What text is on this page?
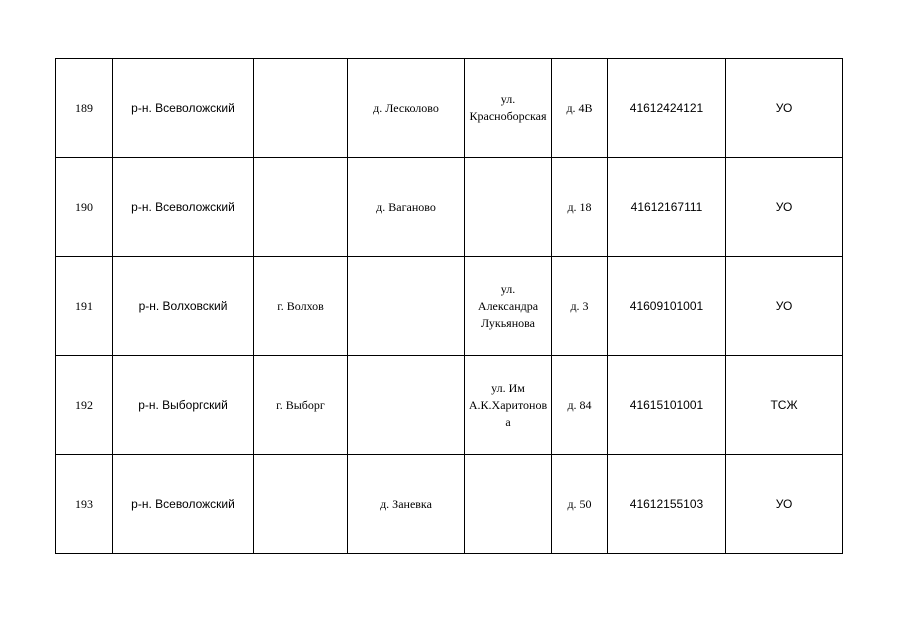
189	р-н. Всеволожский		д. Лесколово	ул.
Красноборская	д. 4В	41612424121	УО
190	р-н. Всеволожский		д. Ваганово		д. 18	41612167111	УО
191	р-н. Волховский	г. Волхов		ул.
Александра
Лукьянова	д. 3	41609101001	УО
192	р-н. Выборгский	г. Выборг		ул. Им
А.К.Харитонова	д. 84	41615101001	ТСЖ
193	р-н. Всеволожский		д. Заневка		д. 50	41612155103	УО
